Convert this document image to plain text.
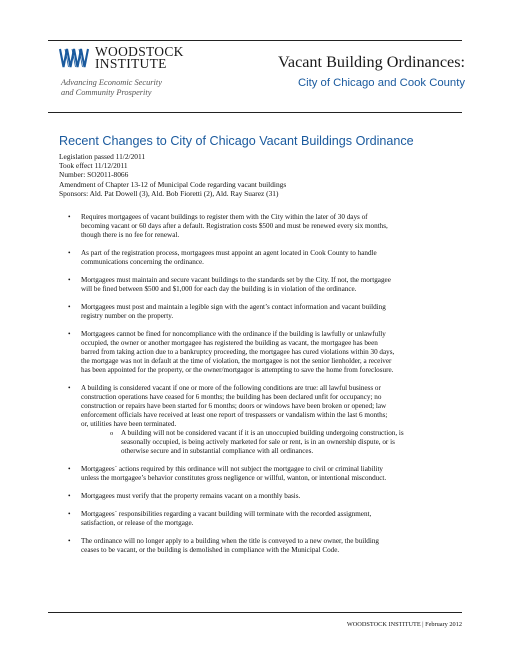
WOODSTOCK
INSTITUTE
Advancing Economic Security
and Community Prosperity
Vacant Building Ordinances:
City of Chicago and Cook County
Recent Changes to City of Chicago Vacant Buildings Ordinance
Legislation passed 11/2/2011
Took effect 11/12/2011
Number: SO2011-8066
Amendment of Chapter 13-12 of Municipal Code regarding vacant buildings
Sponsors: Ald. Pat Dowell (3), Ald. Bob Fioretti (2), Ald. Ray Suarez (31)
• Requires mortgagees of vacant buildings to register them with the City within the later of 30 days of
becoming vacant or 60 days after a default. Registration costs $500 and must be renewed every six months,
though there is no fee for renewal.
• As part of the registration process, mortgagees must appoint an agent located in Cook County to handle
communications concerning the ordinance.
• Mortgagees must maintain and secure vacant buildings to the standards set by the City. If not, the mortgagee
will be fined between $500 and $1,000 for each day the building is in violation of the ordinance.
• Mortgagees must post and maintain a legible sign with the agent’s contact information and vacant building
registry number on the property.
• Mortgagees cannot be fined for noncompliance with the ordinance if the building is lawfully or unlawfully
occupied, the owner or another mortgagee has registered the building as vacant, the mortgagee has been
barred from taking action due to a bankruptcy proceeding, the mortgagee has cured violations within 30 days,
the mortgage was not in default at the time of violation, the mortgagee is not the senior lienholder, a receiver
has been appointed for the property, or the owner/mortgagor is attempting to save the home from foreclosure.
• A building is considered vacant if one or more of the following conditions are true: all lawful business or
construction operations have ceased for 6 months; the building has been declared unfit for occupancy; no
construction or repairs have been started for 6 months; doors or windows have been broken or opened; law
enforcement officials have received at least one report of trespassers or vandalism within the last 6 months;
or, utilities have been terminated.
o A building will not be considered vacant if it is an unoccupied building undergoing construction, is
seasonally occupied, is being actively marketed for sale or rent, is in an ownership dispute, or is
otherwise secure and in substantial compliance with all ordinances.
• Mortgagees` actions required by this ordinance will not subject the mortgagee to civil or criminal liability
unless the mortgagee’s behavior constitutes gross negligence or willful, wanton, or intentional misconduct.
• Mortgagees must verify that the property remains vacant on a monthly basis.
• Mortgagees` responsibilities regarding a vacant building will terminate with the recorded assignment,
satisfaction, or release of the mortgage.
• The ordinance will no longer apply to a building when the title is conveyed to a new owner, the building
ceases to be vacant, or the building is demolished in compliance with the Municipal Code.
WOODSTOCK INSTITUTE | February 2012
